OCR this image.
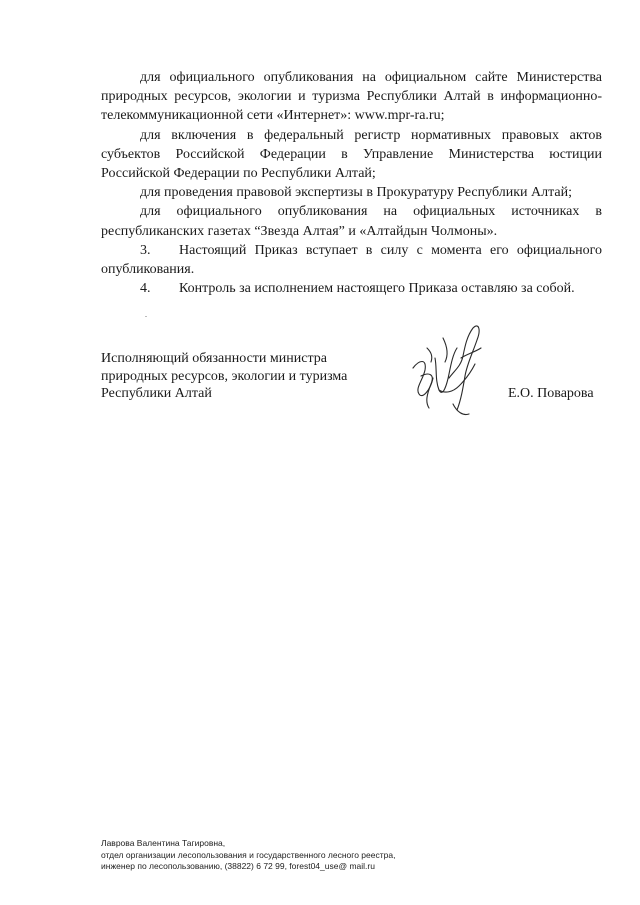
для официального опубликования на официальном сайте Министерства природных ресурсов, экологии и туризма Республики Алтай в информационно-телекоммуникационной сети «Интернет»: www.mpr-ra.ru;

для включения в федеральный регистр нормативных правовых актов субъектов Российской Федерации в Управление Министерства юстиции Российской Федерации по Республики Алтай;

для проведения правовой экспертизы в Прокуратуру Республики Алтай;

для официального опубликования на официальных источниках в республиканских газетах “Звезда Алтая” и «Алтайдын Чолмоны».

3. Настоящий Приказ вступает в силу с момента его официального опубликования.

4. Контроль за исполнением настоящего Приказа оставляю за собой.

Исполняющий обязанности министра
природных ресурсов, экологии и туризма
Республики Алтай	Е.О. Поварова
Лаврова Валентина Тагировна,
отдел организации лесопользования и государственного лесного реестра,
инженер по лесопользованию, (38822) 6 72 99, forest04_use@ mail.ru
